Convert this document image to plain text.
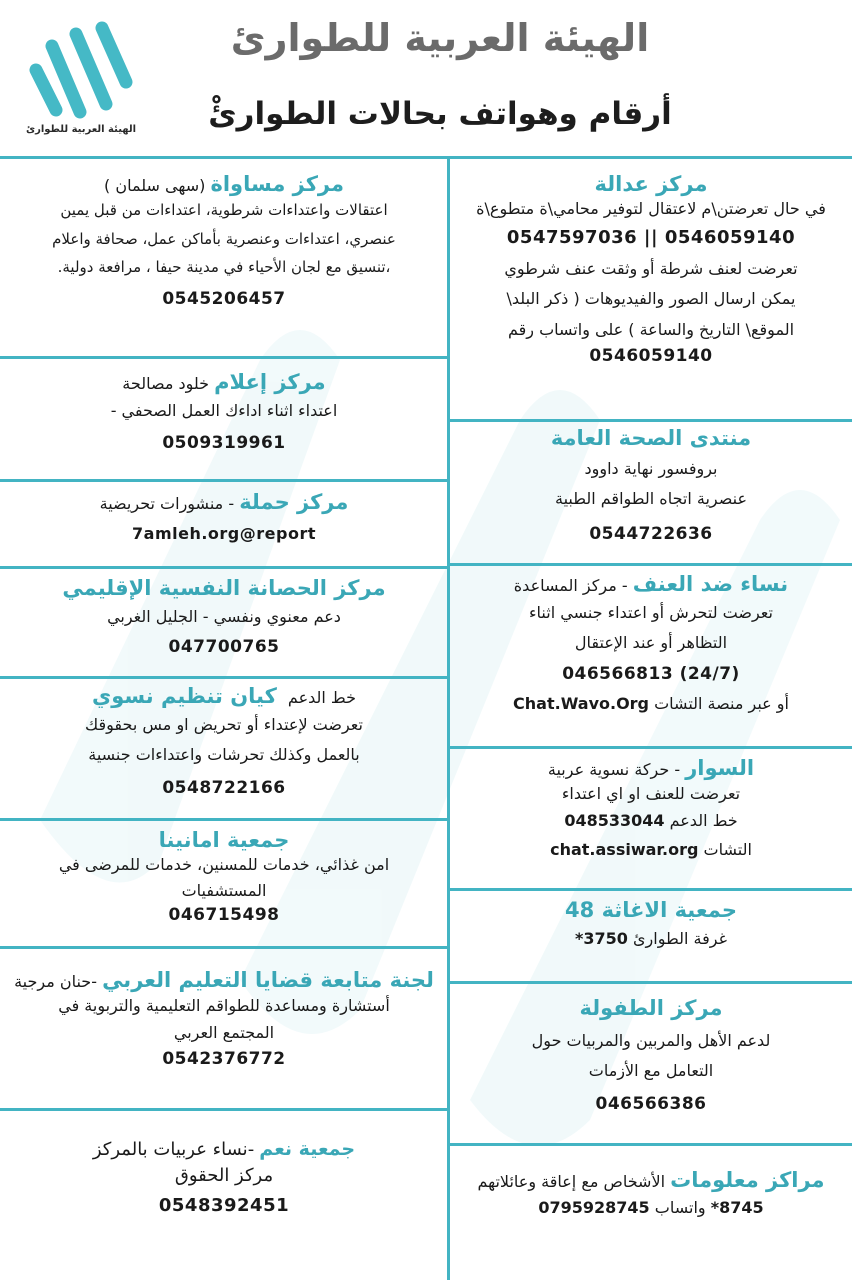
الهيئة العربية للطوارئ
أرقام وهواتف بحالات الطوارئْ
الهيئة العربية للطوارئ
مركز عدالة
في حال تعرضتن\م لاعتقال لتوفير محامي\ة متطوع\ة
0546059140 || 0547597036
تعرضت لعنف شرطة أو وثقت عنف شرطوي
يمكن ارسال الصور والفيديوهات ( ذكر البلد\
الموقع\ التاريخ والساعة ) على واتساب رقم
0546059140
منتدى الصحة العامة
بروفسور نهاية داوود
عنصرية اتجاه الطواقم الطبية
0544722636
نساء ضد العنف - مركز المساعدة
تعرضت لتحرش أو اعتداء جنسي اثناء
التظاهر أو عند الإعتقال
046566813 (24/7)
أو عبر منصة التشات Chat.Wavo.Org
السوار - حركة نسوية عربية
تعرضت للعنف او اي اعتداء
خط الدعم 048533044
التشات chat.assiwar.org
جمعية الاغاثة 48
غرفة الطوارئ 3750*
مركز الطفولة
لدعم الأهل والمربين والمربيات حول
التعامل مع الأزمات
046566386
مراكز معلومات الأشخاص مع إعاقة وعائلاتهم
8745* واتساب 0795928745
مركز مساواة (سهى سلمان )
اعتقالات واعتداءات شرطوية، اعتداءات من قبل يمين
عنصري، اعتداءات وعنصرية بأماكن عمل، صحافة واعلام
،تنسيق مع لجان الأحياء في مدينة حيفا ، مرافعة دولية.
0545206457
مركز إعلام خلود مصالحة
اعتداء اثناء اداءك العمل الصحفي -
0509319961
مركز حملة - منشورات تحريضية
7amleh.org@report
مركز الحصانة النفسية الإقليمي
دعم معنوي ونفسي - الجليل الغربي
047700765
خط الدعم كيان تنظيم نسوي
تعرضت لإعتداء أو تحريض او مس بحقوقك
بالعمل وكذلك تحرشات واعتداءات جنسية
0548722166
جمعية امانينا
امن غذائي، خدمات للمسنين، خدمات للمرضى في
المستشفيات
046715498
لجنة متابعة قضايا التعليم العربي -حنان مرجية
أستشارة ومساعدة للطواقم التعليمية والتربوية في
المجتمع العربي
0542376772
جمعية نعم -نساء عربيات بالمركز
مركز الحقوق
0548392451
